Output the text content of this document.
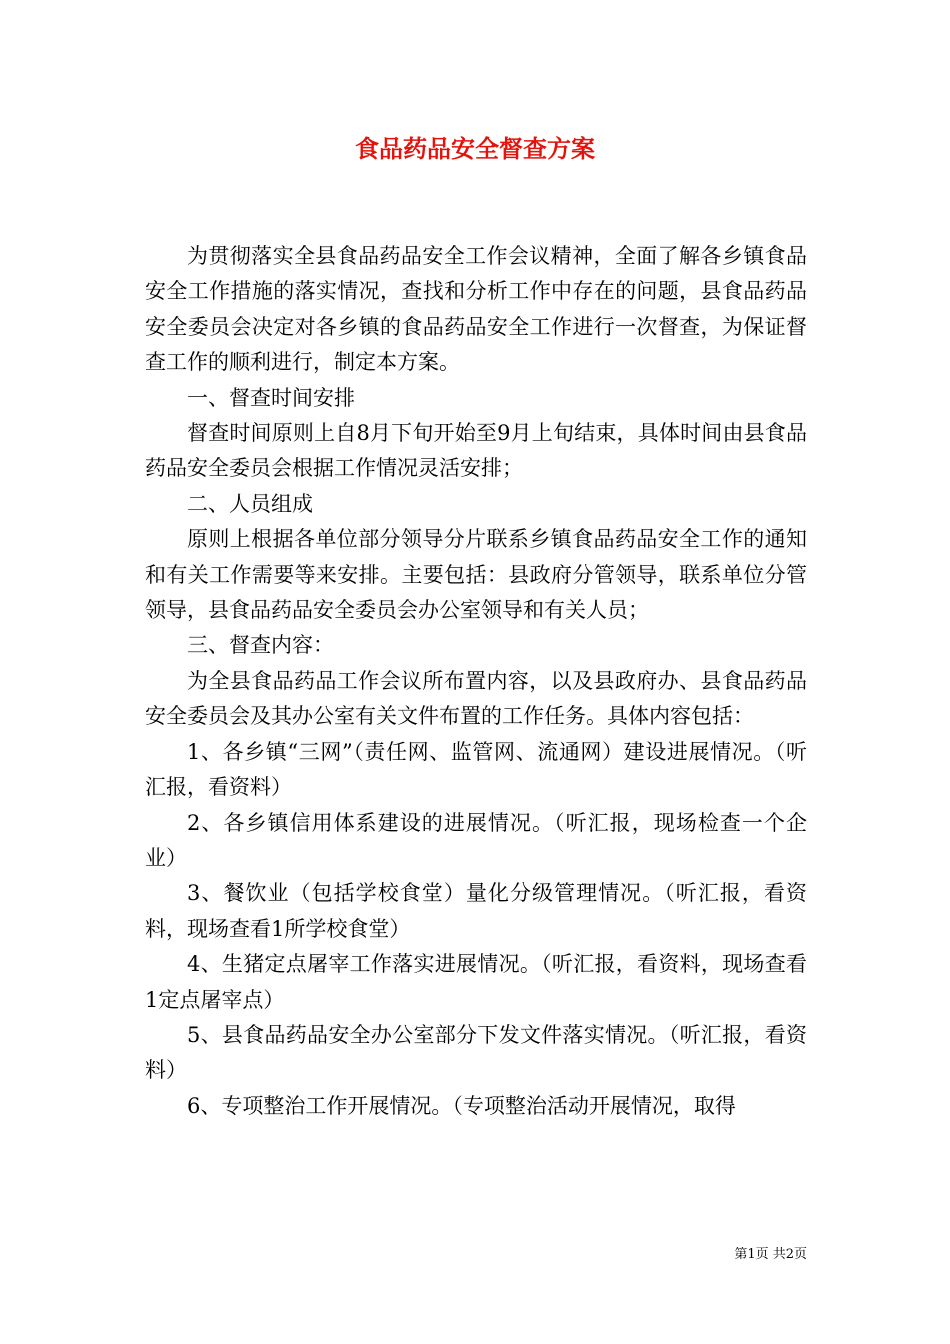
食品药品安全督查方案

为贯彻落实全县食品药品安全工作会议精神，全面了解各乡镇食品安全工作措施的落实情况，查找和分析工作中存在的问题，县食品药品安全委员会决定对各乡镇的食品药品安全工作进行一次督查，为保证督查工作的顺利进行，制定本方案。

一、督查时间安排

督查时间原则上自8月下旬开始至9月上旬结束，具体时间由县食品药品安全委员会根据工作情况灵活安排；

二、人员组成

原则上根据各单位部分领导分片联系乡镇食品药品安全工作的通知和有关工作需要等来安排。主要包括：县政府分管领导，联系单位分管领导，县食品药品安全委员会办公室领导和有关人员；

三、督查内容：

为全县食品药品工作会议所布置内容，以及县政府办、县食品药品安全委员会及其办公室有关文件布置的工作任务。具体内容包括：

1、各乡镇“三网”（责任网、监管网、流通网）建设进展情况。（听汇报，看资料）

2、各乡镇信用体系建设的进展情况。（听汇报，现场检查一个企业）

3、餐饮业（包括学校食堂）量化分级管理情况。（听汇报，看资料，现场查看1所学校食堂）

4、生猪定点屠宰工作落实进展情况。（听汇报，看资料，现场查看1定点屠宰点）

5、县食品药品安全办公室部分下发文件落实情况。（听汇报，看资料）

6、专项整治工作开展情况。（专项整治活动开展情况，取得

第1页 共2页
